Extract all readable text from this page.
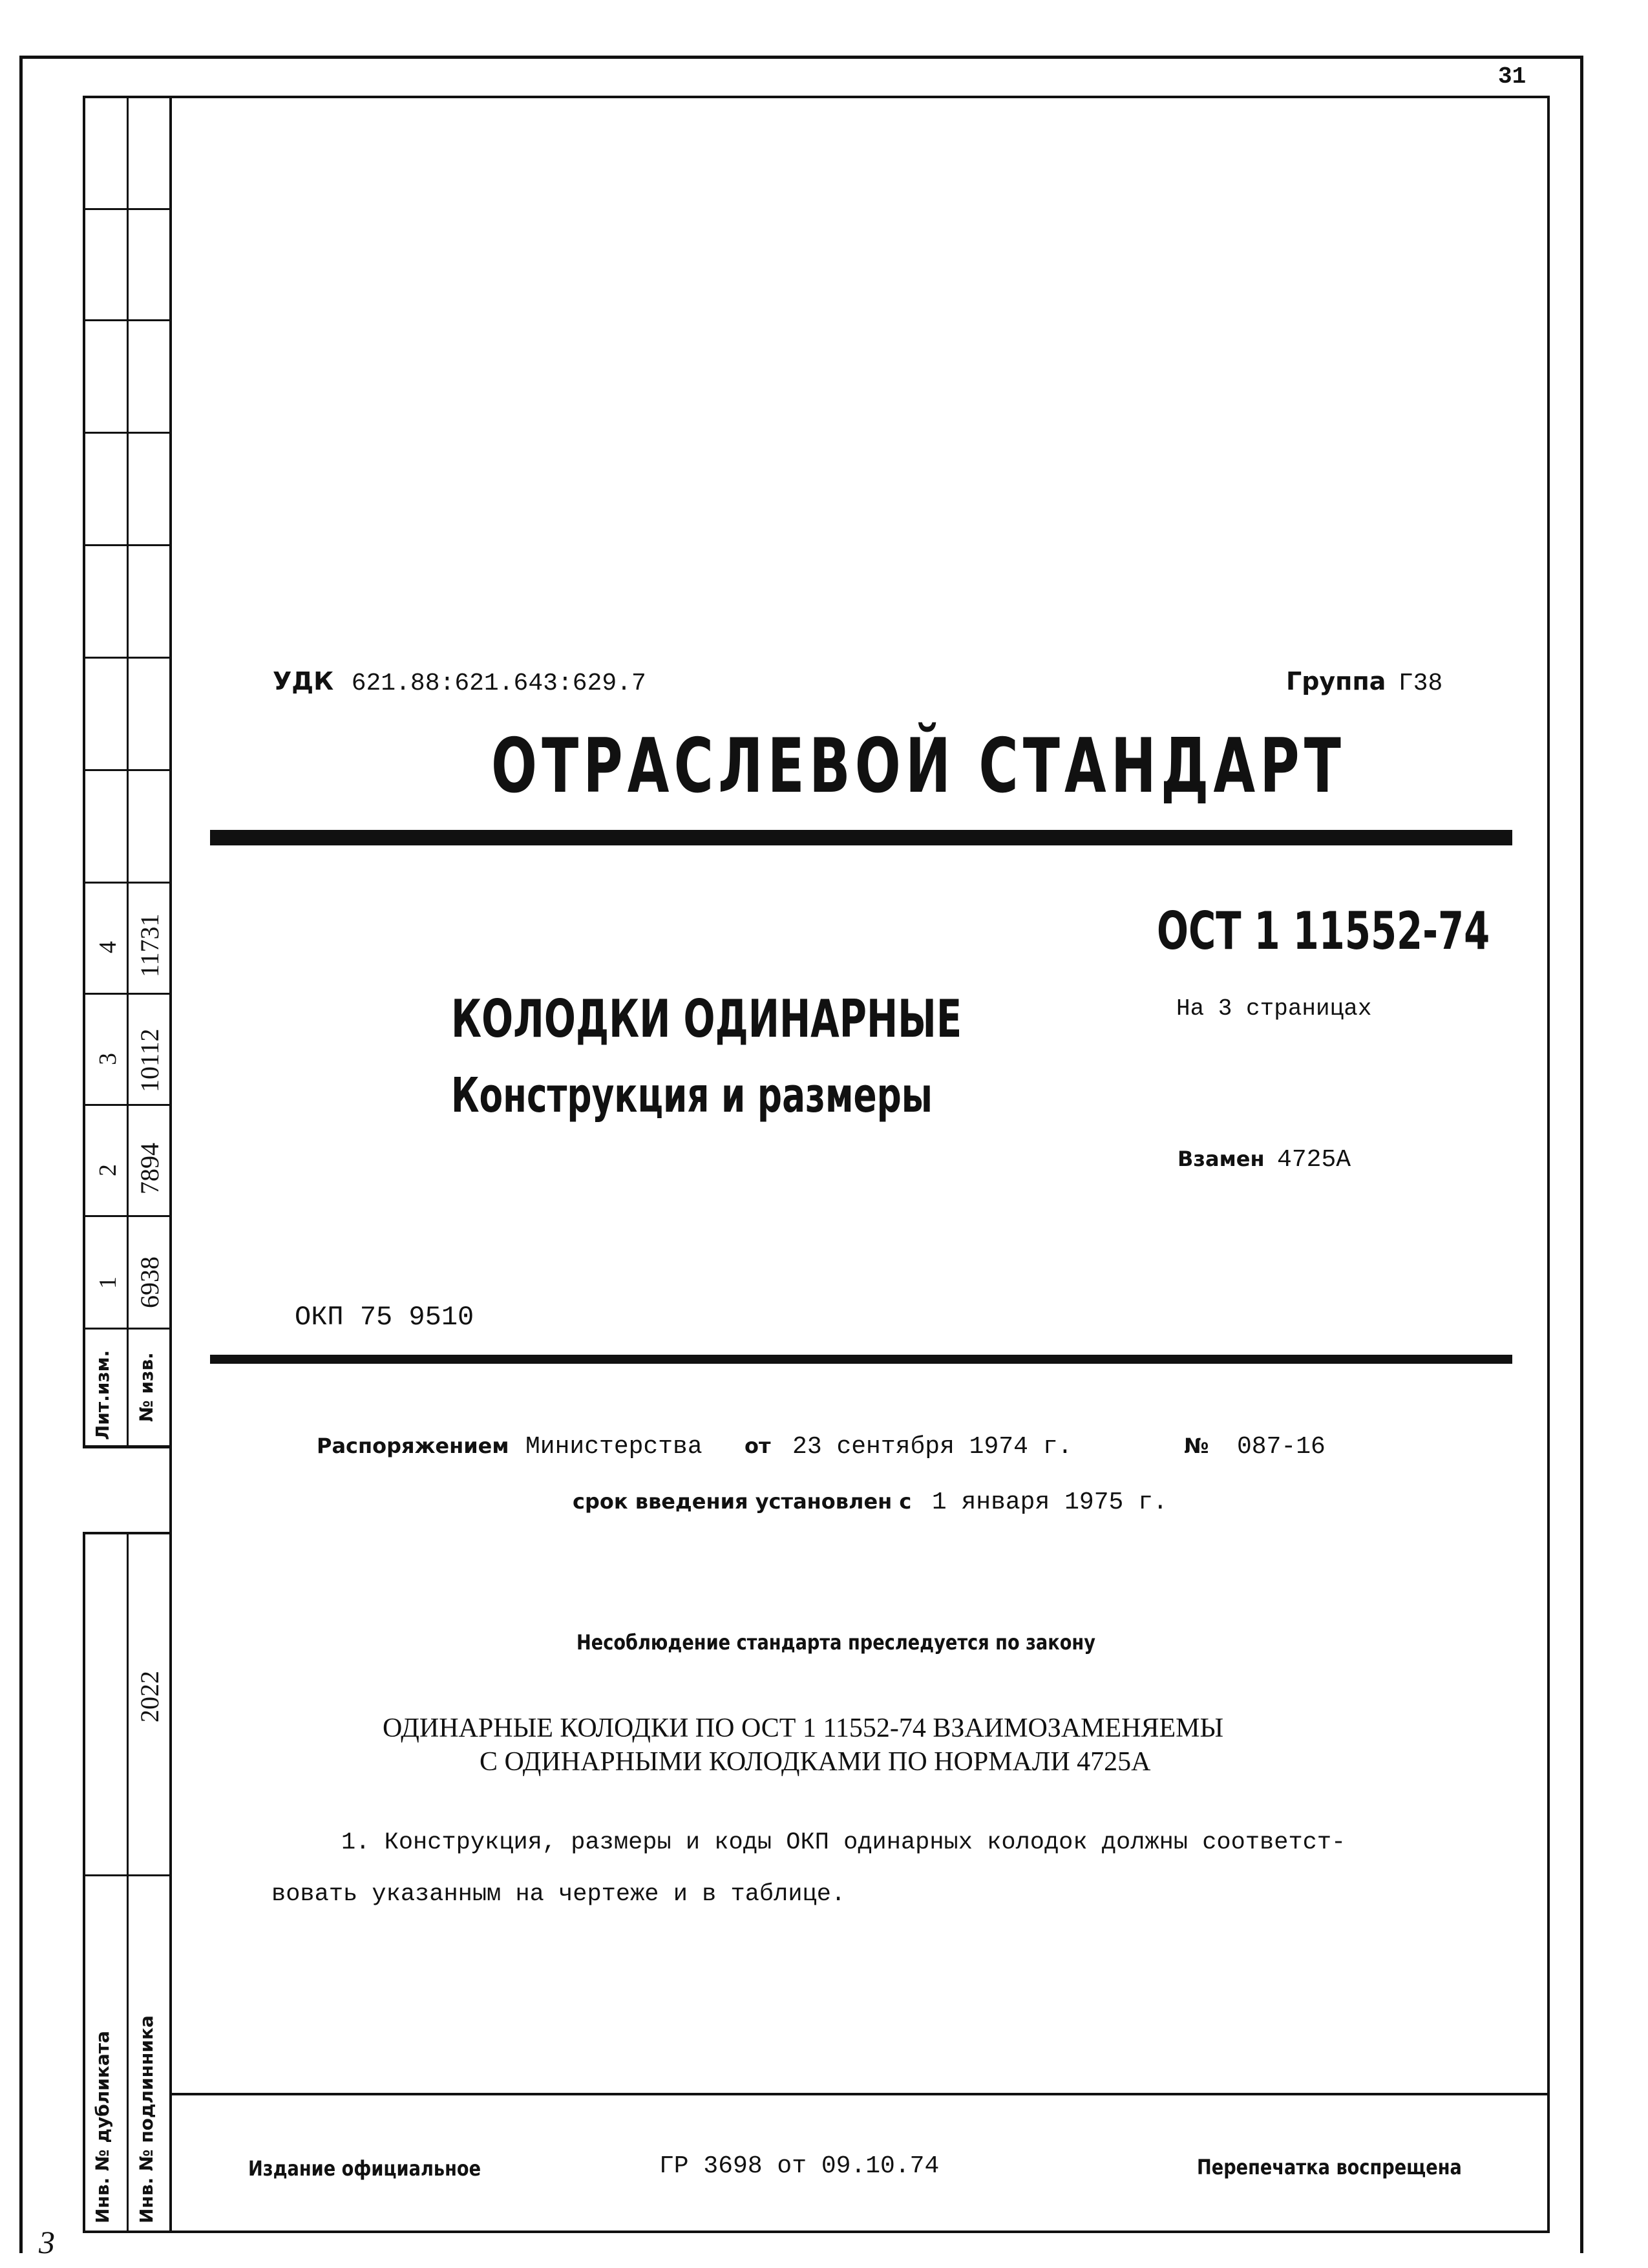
31
4 11731
3 10112
2 7894
1 6938
Лит.изм. № изв.
2022
Инв. № дубликата Инв. № подлинника
3
УДК 621.88:621.643:629.7	Группа Г38
ОТРАСЛЕВОЙ СТАНДАРТ
ОСТ 1 11552-74
КОЛОДКИ ОДИНАРНЫЕ
Конструкция и размеры
На 3 страницах
Взамен 4725А
ОКП 75 9510
Распоряжением Министерства от 23 сентября 1974 г.	№ 087-16
срок введения установлен с 1 января 1975 г.
Несоблюдение стандарта преследуется по закону
ОДИНАРНЫЕ КОЛОДКИ ПО ОСТ 1 11552-74 ВЗАИМОЗАМЕНЯЕМЫ
С ОДИНАРНЫМИ КОЛОДКАМИ ПО НОРМАЛИ 4725А
1. Конструкция, размеры и коды ОКП одинарных колодок должны соответст-
вовать указанным на чертеже и в таблице.
Издание официальное	ГР 3698 от 09.10.74	Перепечатка воспрещена
